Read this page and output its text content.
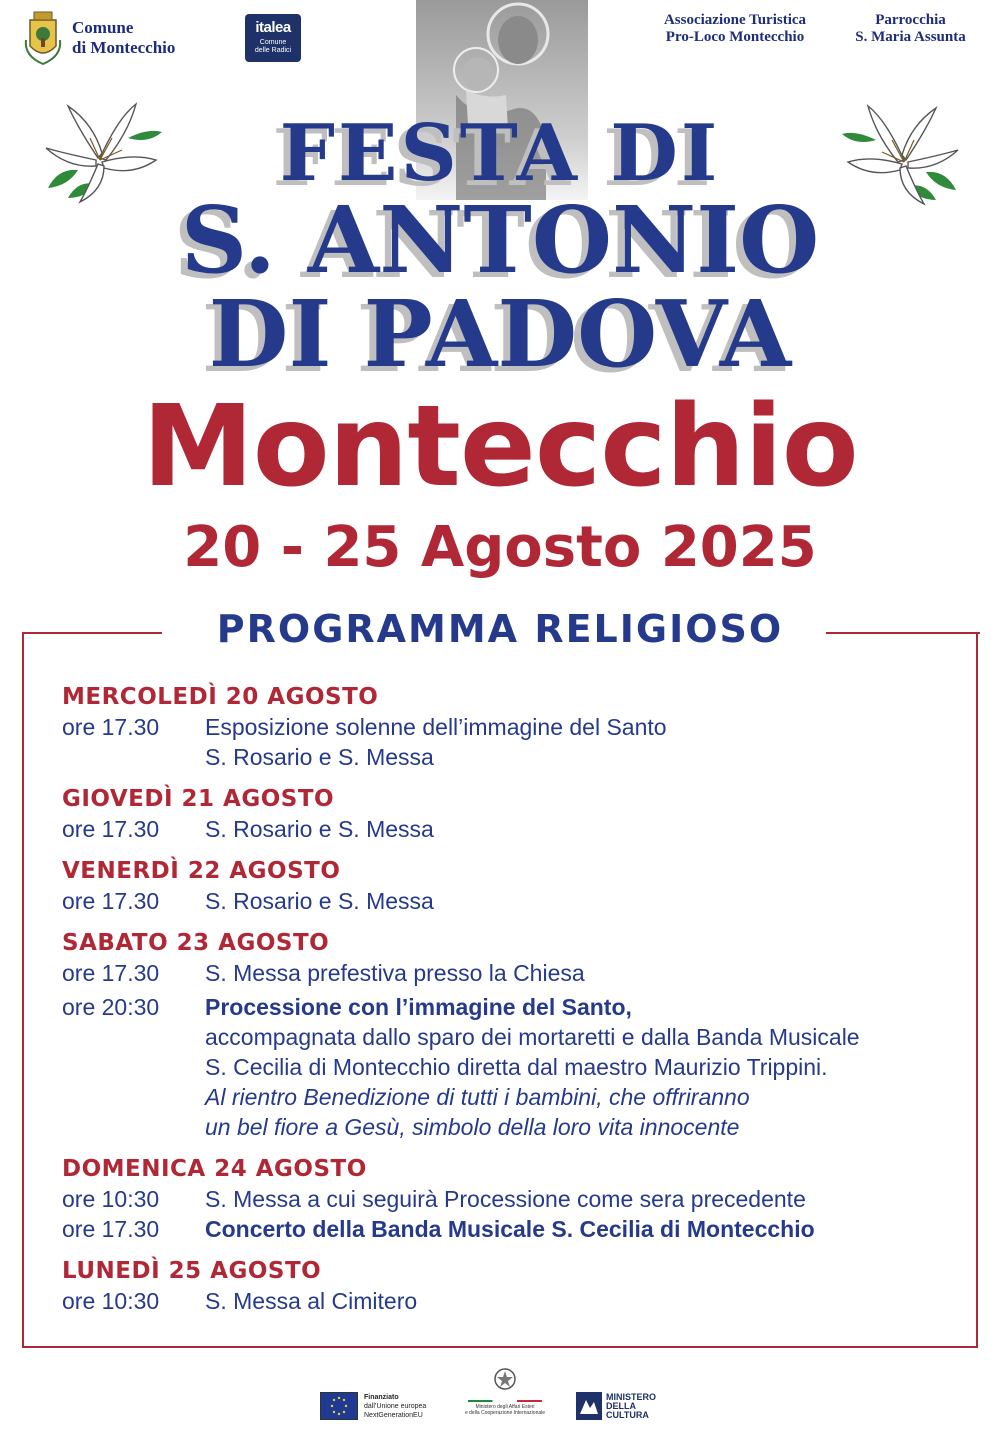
Comune
di Montecchio
italea
Comune
delle Radici
Associazione Turistica
Pro-Loco Montecchio
Parrocchia
S. Maria Assunta
FESTA DI
S. ANTONIO
DI PADOVA
Montecchio
20 - 25 Agosto 2025
PROGRAMMA RELIGIOSO
MERCOLEDÌ 20 AGOSTO
ore 17.30	Esposizione solenne dell’immagine del Santo
S. Rosario e S. Messa
GIOVEDÌ 21 AGOSTO
ore 17.30	S. Rosario e S. Messa
VENERDÌ 22 AGOSTO
ore 17.30	S. Rosario e S. Messa
SABATO 23 AGOSTO
ore 17.30	S. Messa prefestiva presso la Chiesa
ore 20:30	Processione con l’immagine del Santo,
accompagnata dallo sparo dei mortaretti e dalla Banda Musicale
S. Cecilia di Montecchio diretta dal maestro Maurizio Trippini.
Al rientro Benedizione di tutti i bambini, che offriranno
un bel fiore a Gesù, simbolo della loro vita innocente
DOMENICA 24 AGOSTO
ore 10:30	S. Messa a cui seguirà Processione come sera precedente
ore 17.30	Concerto della Banda Musicale S. Cecilia di Montecchio
LUNEDÌ 25 AGOSTO
ore 10:30	S. Messa al Cimitero
Finanziato
dall’Unione europea
NextGenerationEU
Ministero degli Affari Esteri
e della Cooperazione Internazionale
MINISTERO
DELLA
CULTURA
